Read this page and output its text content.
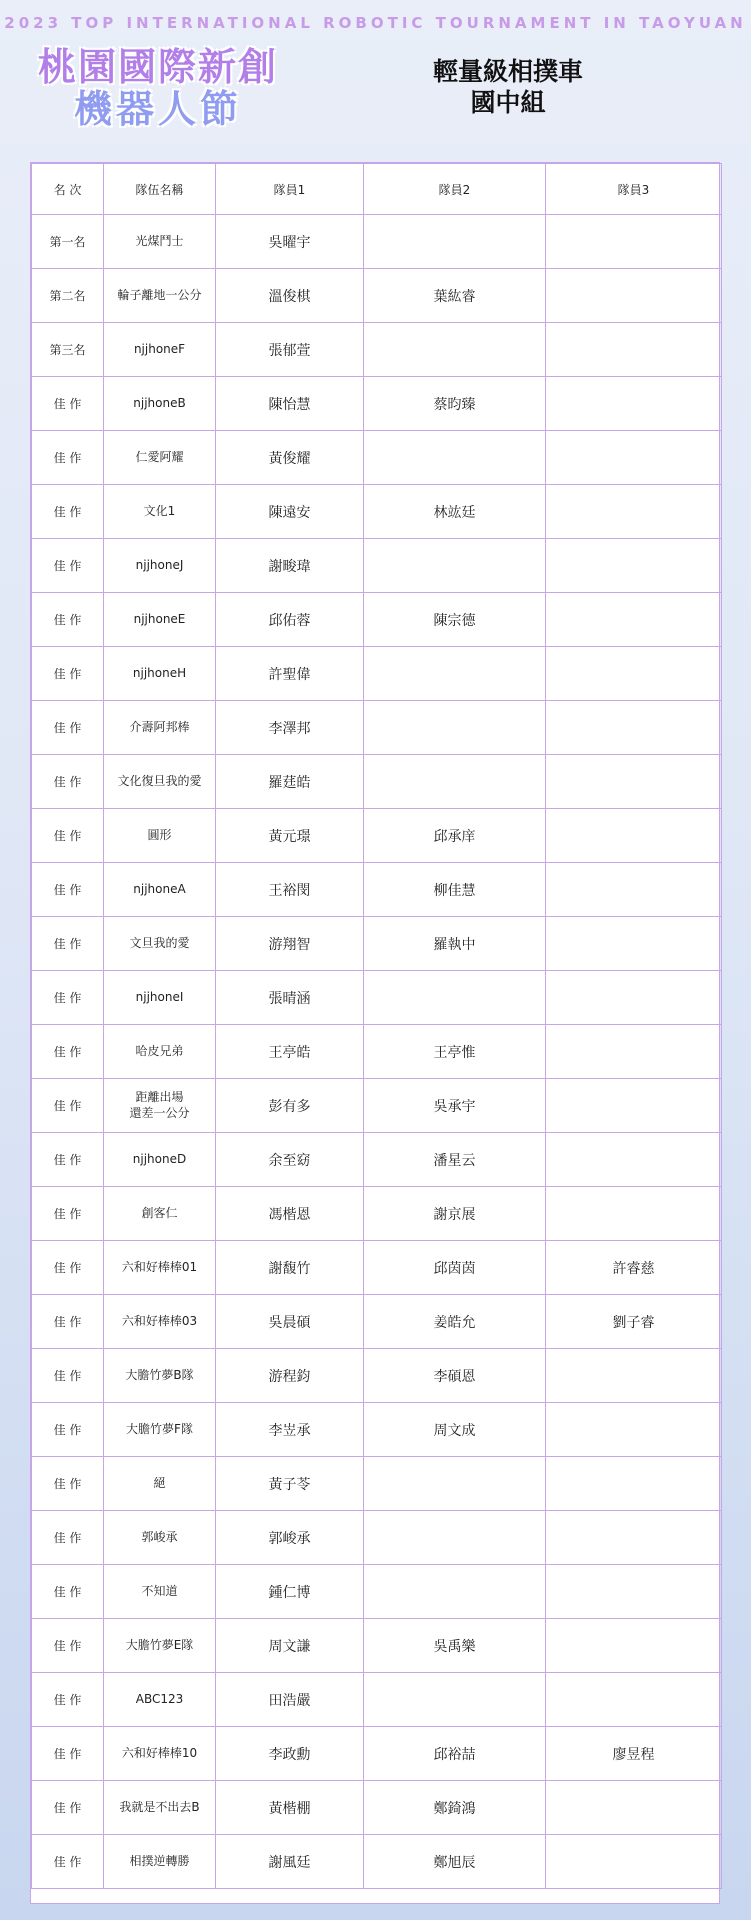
2023 TOP INTERNATIONAL ROBOTIC TOURNAMENT IN TAOYUAN
桃園國際新創
機器人節
輕量級相撲車
國中組
名 次	隊伍名稱	隊員1	隊員2	隊員3
第一名	光煤鬥士	吳曜宇		
第二名	輪子離地一公分	溫俊棋	葉紘睿	
第三名	njjhoneF	張郁萱		
佳 作	njjhoneB	陳怡慧	蔡昀臻	
佳 作	仁愛阿耀	黃俊耀		
佳 作	文化1	陳遠安	林竑廷	
佳 作	njjhoneJ	謝畯瑋		
佳 作	njjhoneE	邱佑蓉	陳宗德	
佳 作	njjhoneH	許聖偉		
佳 作	介壽阿邦棒	李澤邦		
佳 作	文化復旦我的愛	羅莛皓		
佳 作	圓形	黃元璟	邱承庠	
佳 作	njjhoneA	王裕閔	柳佳慧	
佳 作	文旦我的愛	游翔智	羅執中	
佳 作	njjhoneI	張晴涵		
佳 作	哈皮兄弟	王亭皓	王亭惟	
佳 作	距離出場
還差一公分	彭有多	吳承宇	
佳 作	njjhoneD	余至窈	潘星云	
佳 作	創客仁	馮楷恩	謝京展	
佳 作	六和好棒棒01	謝馥竹	邱茵茵	許睿慈
佳 作	六和好棒棒03	吳晨碩	姜皓允	劉子睿
佳 作	大膽竹夢B隊	游程鈞	李碩恩	
佳 作	大膽竹夢F隊	李岦承	周文成	
佳 作	絕	黃子苓		
佳 作	郭峻承	郭峻承		
佳 作	不知道	鍾仁博		
佳 作	大膽竹夢E隊	周文謙	吳禹樂	
佳 作	ABC123	田浩嚴		
佳 作	六和好棒棒10	李政勳	邱裕喆	廖昱程
佳 作	我就是不出去B	黃楷棚	鄭錡鴻	
佳 作	相撲逆轉勝	謝風廷	鄭旭辰	
